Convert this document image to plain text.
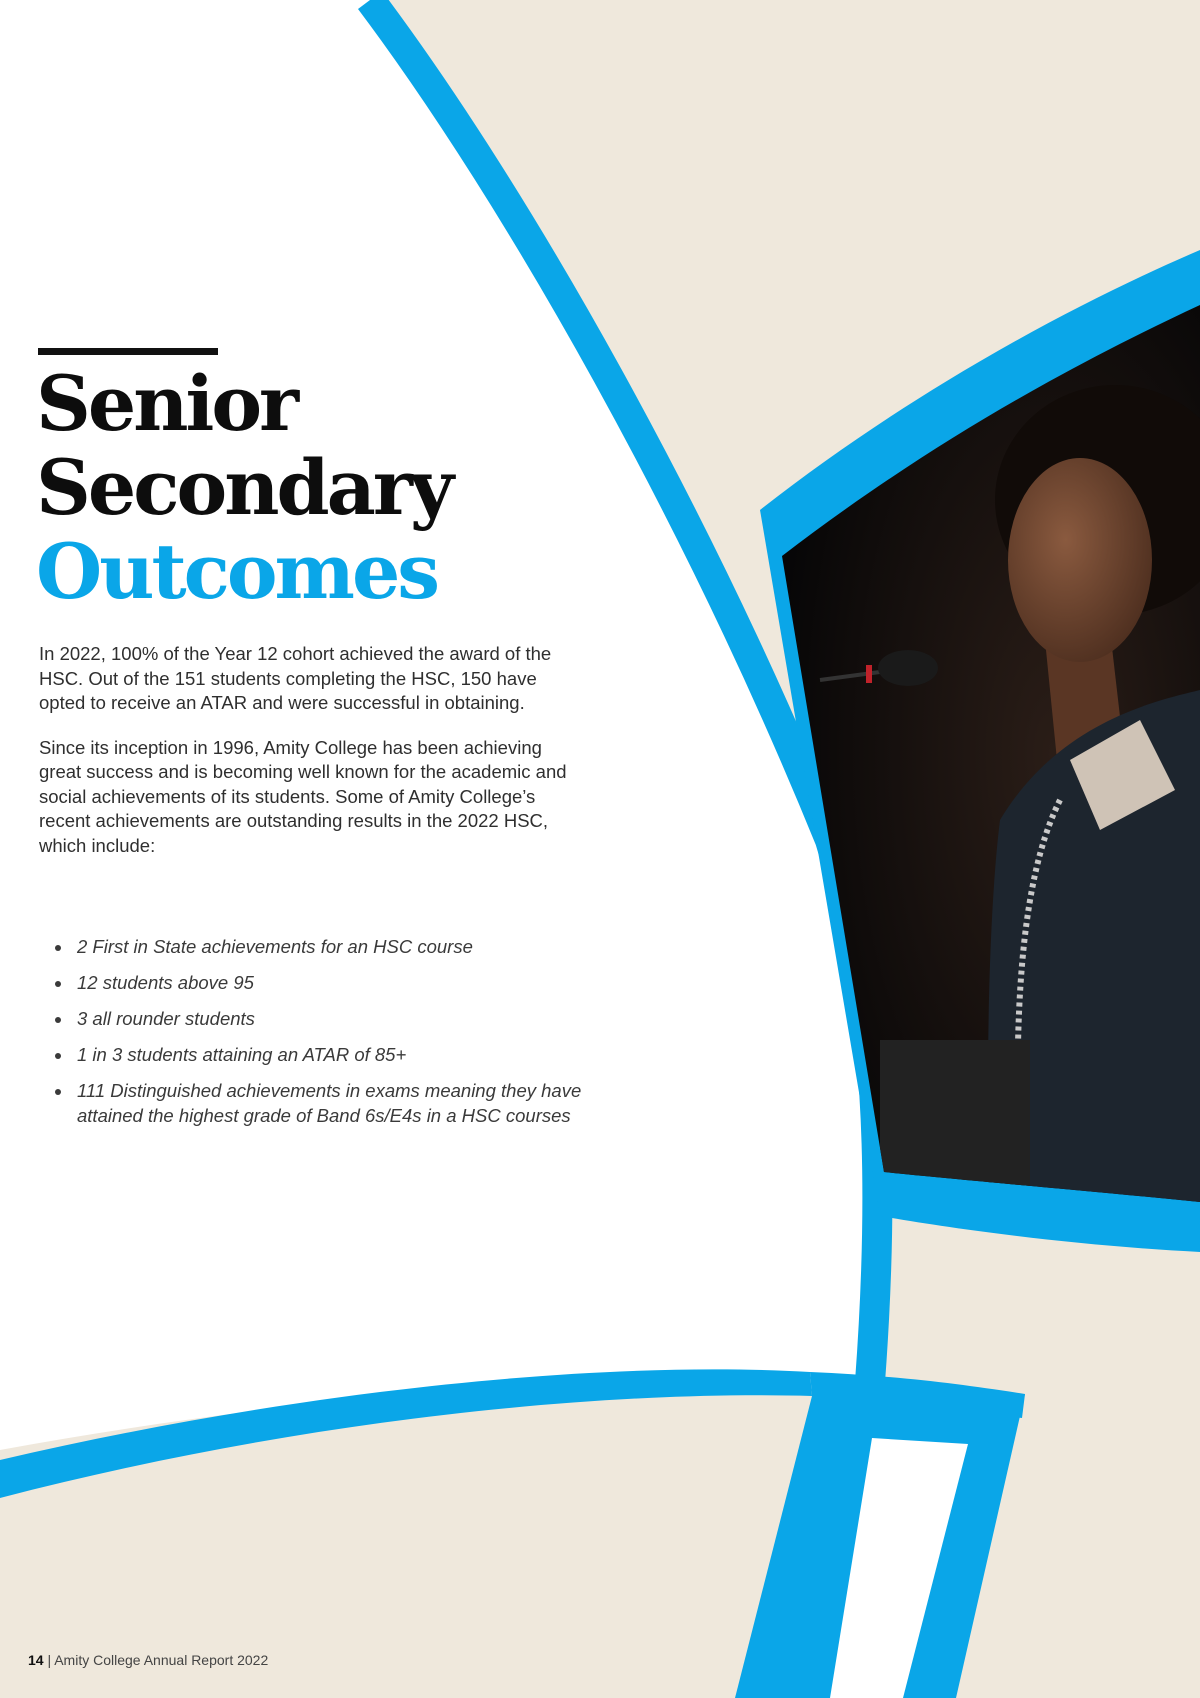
Senior
Secondary
Outcomes

In 2022, 100% of the Year 12 cohort achieved the award of the HSC. Out of the 151 students completing the HSC, 150 have opted to receive an ATAR and were successful in obtaining.

Since its inception in 1996, Amity College has been achieving great success and is becoming well known for the academic and social achievements of its students. Some of Amity College’s recent achievements are outstanding results in the 2022 HSC, which include:

• 2 First in State achievements for an HSC course
• 12 students above 95
• 3 all rounder students
• 1 in 3 students attaining an ATAR of 85+
• 111 Distinguished achievements in exams meaning they have attained the highest grade of Band 6s/E4s in a HSC courses
14 | Amity College Annual Report 2022
